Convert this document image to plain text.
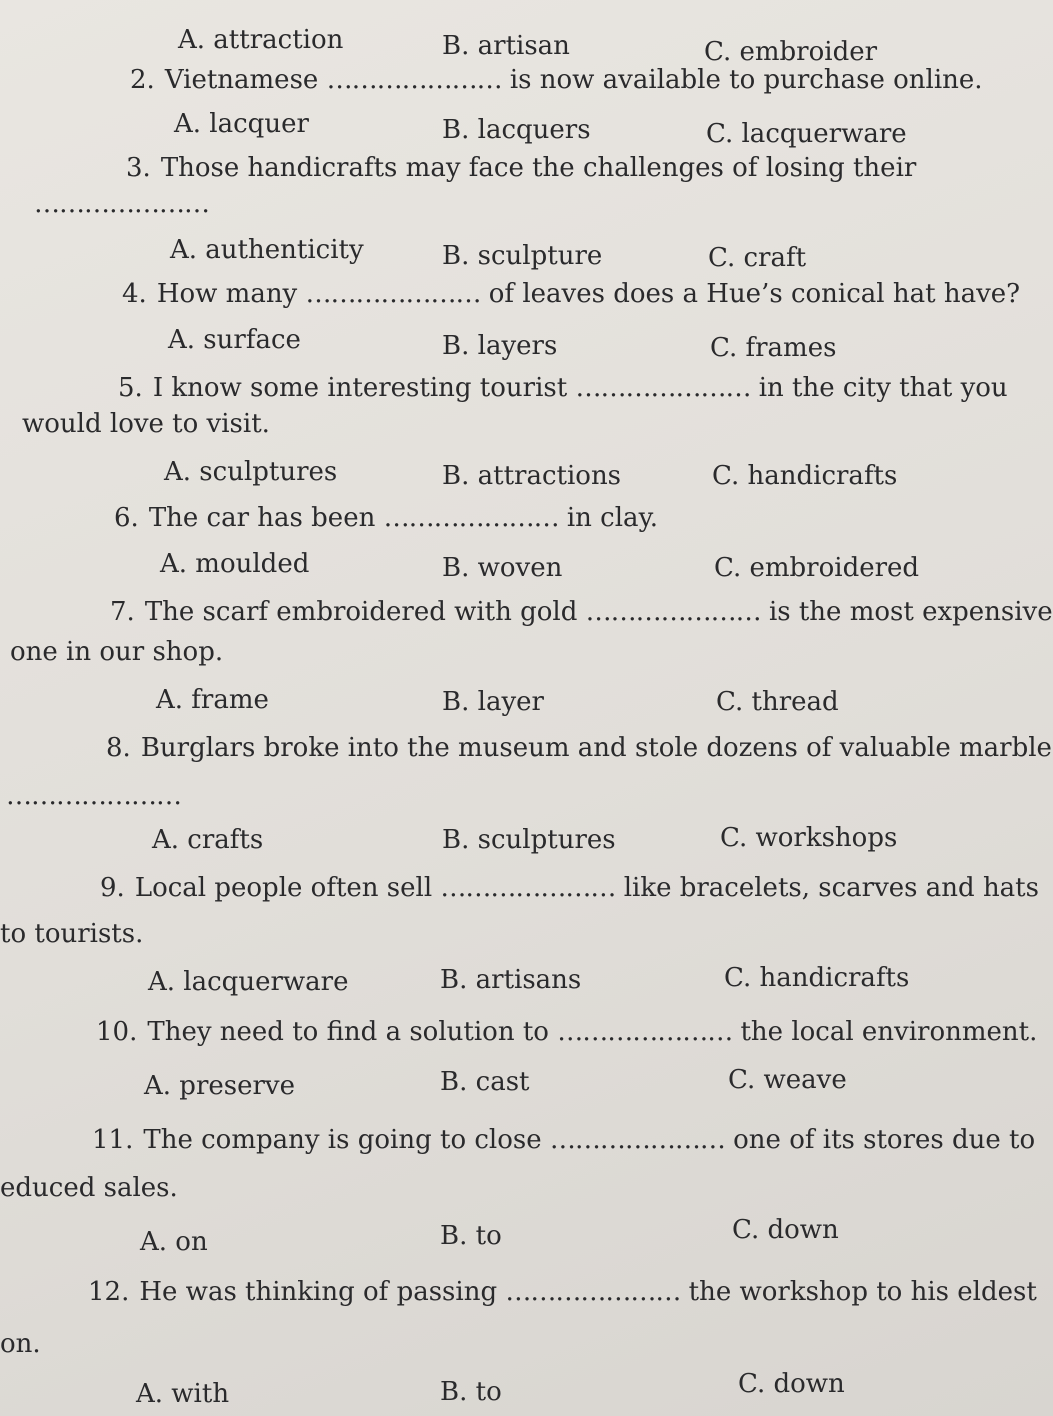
A. attraction	B. artisan	C. embroider
2. Vietnamese ………………… is now available to purchase online.
A. lacquer	B. lacquers	C. lacquerware
3. Those handicrafts may face the challenges of losing their
…………………
A. authenticity	B. sculpture	C. craft
4. How many ………………… of leaves does a Hue’s conical hat have?
A. surface	B. layers	C. frames
5. I know some interesting tourist ………………… in the city that you
would love to visit.
A. sculptures	B. attractions	C. handicrafts
6. The car has been ………………… in clay.
A. moulded	B. woven	C. embroidered
7. The scarf embroidered with gold ………………… is the most expensive
one in our shop.
A. frame	B. layer	C. thread
8. Burglars broke into the museum and stole dozens of valuable marble
…………………
A. crafts	B. sculptures	C. workshops
9. Local people often sell ………………… like bracelets, scarves and hats
to tourists.
A. lacquerware	B. artisans	C. handicrafts
10. They need to find a solution to ………………… the local environment.
A. preserve	B. cast	C. weave
11. The company is going to close ………………… one of its stores due to
educed sales.
A. on	B. to	C. down
12. He was thinking of passing ………………… the workshop to his eldest
on.
A. with	B. to	C. down
